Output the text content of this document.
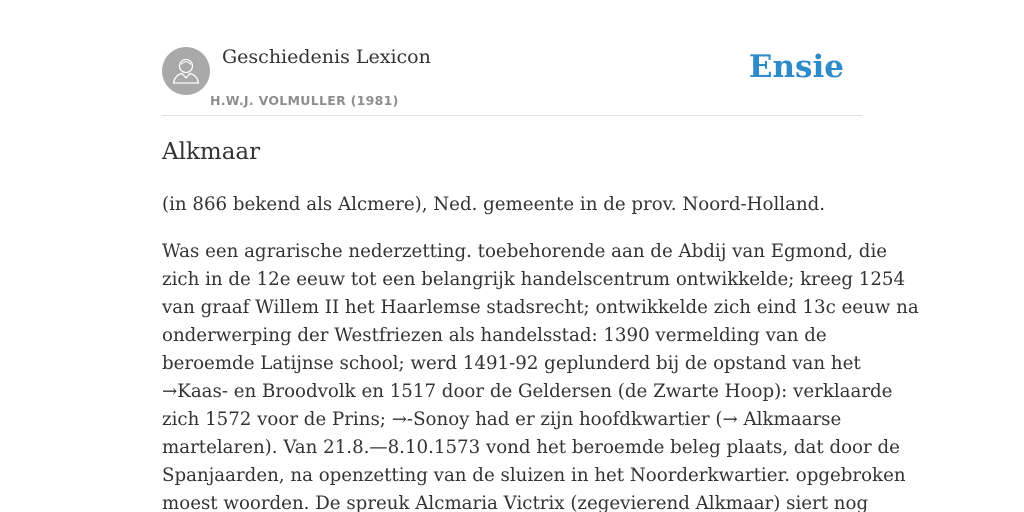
Geschiedenis Lexicon
H.W.J. VOLMULLER (1981)
Ensie
Alkmaar

(in 866 bekend als Alcmere), Ned. gemeente in de prov. Noord-Holland.

Was een agrarische nederzetting. toebehorende aan de Abdij van Egmond, die
zich in de 12e eeuw tot een belangrijk handelscentrum ontwikkelde; kreeg 1254
van graaf Willem II het Haarlemse stadsrecht; ontwikkelde zich eind 13c eeuw na
onderwerping der Westfriezen als handelsstad: 1390 vermelding van de
beroemde Latijnse school; werd 1491-92 geplunderd bij de opstand van het
→Kaas- en Broodvolk en 1517 door de Geldersen (de Zwarte Hoop): verklaarde
zich 1572 voor de Prins; →-Sonoy had er zijn hoofdkwartier (→ Alkmaarse
martelaren). Van 21.8.—8.10.1573 vond het beroemde beleg plaats, dat door de
Spanjaarden, na openzetting van de sluizen in het Noorderkwartier. opgebroken
moest woorden. De spreuk Alcmaria Victrix (zegevierend Alkmaar) siert nog
